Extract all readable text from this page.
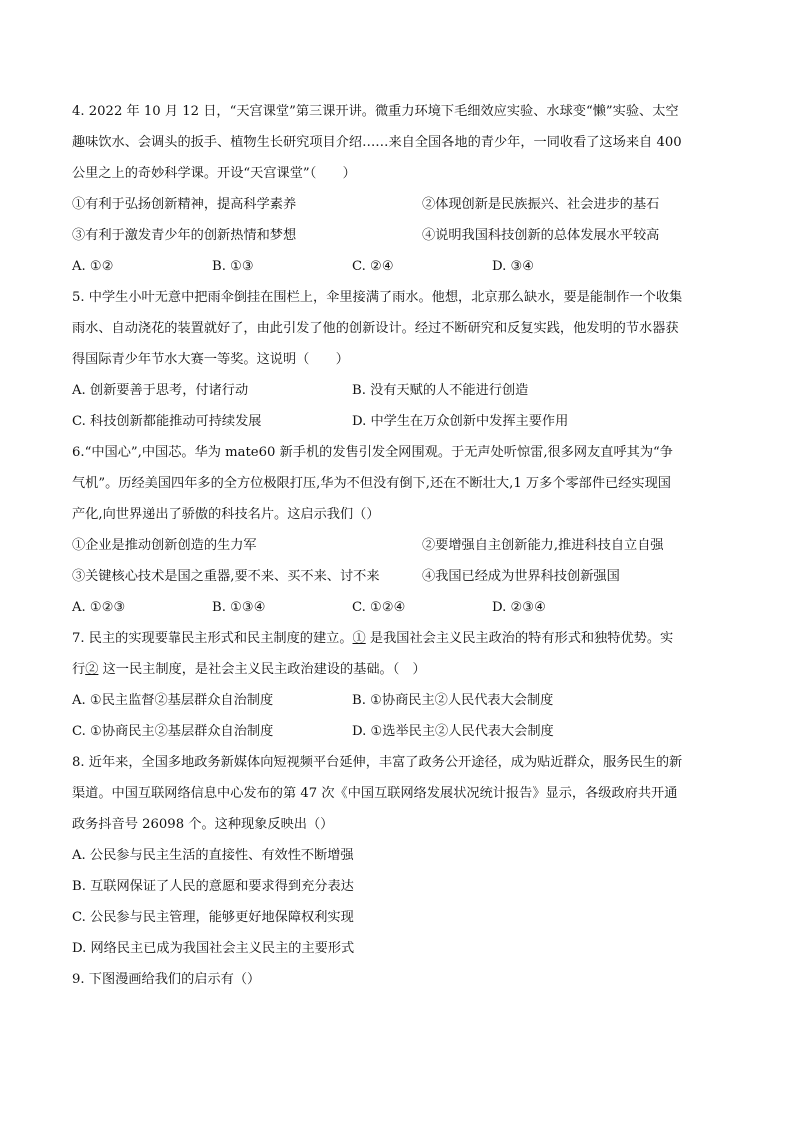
4. 2022 年 10 月 12 日，“天宫课堂”第三课开讲。微重力环境下毛细效应实验、水球变“懒”实验、太空
趣味饮水、会调头的扳手、植物生长研究项目介绍……来自全国各地的青少年，一同收看了这场来自 400
公里之上的奇妙科学课。开设“天宫课堂”（　　）
①有利于弘扬创新精神，提高科学素养	②体现创新是民族振兴、社会进步的基石
③有利于激发青少年的创新热情和梦想	④说明我国科技创新的总体发展水平较高
A. ①②	B. ①③	C. ②④	D. ③④
5. 中学生小叶无意中把雨伞倒挂在围栏上，伞里接满了雨水。他想，北京那么缺水，要是能制作一个收集
雨水、自动浇花的装置就好了，由此引发了他的创新设计。经过不断研究和反复实践，他发明的节水器获
得国际青少年节水大赛一等奖。这说明（　　）
A. 创新要善于思考，付诸行动	B. 没有天赋的人不能进行创造
C. 科技创新都能推动可持续发展	D. 中学生在万众创新中发挥主要作用
6.“中国心”,中国芯。华为 mate60 新手机的发售引发全网围观。于无声处听惊雷,很多网友直呼其为“争
气机”。历经美国四年多的全方位极限打压,华为不但没有倒下,还在不断壮大,1 万多个零部件已经实现国
产化,向世界递出了骄傲的科技名片。这启示我们（）
①企业是推动创新创造的生力军	②要增强自主创新能力,推进科技自立自强
③关键核心技术是国之重器,要不来、买不来、讨不来	④我国已经成为世界科技创新强国
A. ①②③	B. ①③④	C. ①②④	D. ②③④
7. 民主的实现要靠民主形式和民主制度的建立。① 是我国社会主义民主政治的特有形式和独特优势。实
行② 这一民主制度，是社会主义民主政治建设的基础。（　）
A. ①民主监督②基层群众自治制度	B. ①协商民主②人民代表大会制度
C. ①协商民主②基层群众自治制度	D. ①选举民主②人民代表大会制度
8. 近年来，全国多地政务新媒体向短视频平台延伸，丰富了政务公开途径，成为贴近群众，服务民生的新
渠道。中国互联网络信息中心发布的第 47 次《中国互联网络发展状况统计报告》显示，各级政府共开通
政务抖音号 26098 个。这种现象反映出（）
A. 公民参与民主生活的直接性、有效性不断增强
B. 互联网保证了人民的意愿和要求得到充分表达
C. 公民参与民主管理，能够更好地保障权利实现
D. 网络民主已成为我国社会主义民主的主要形式
9. 下图漫画给我们的启示有（）
